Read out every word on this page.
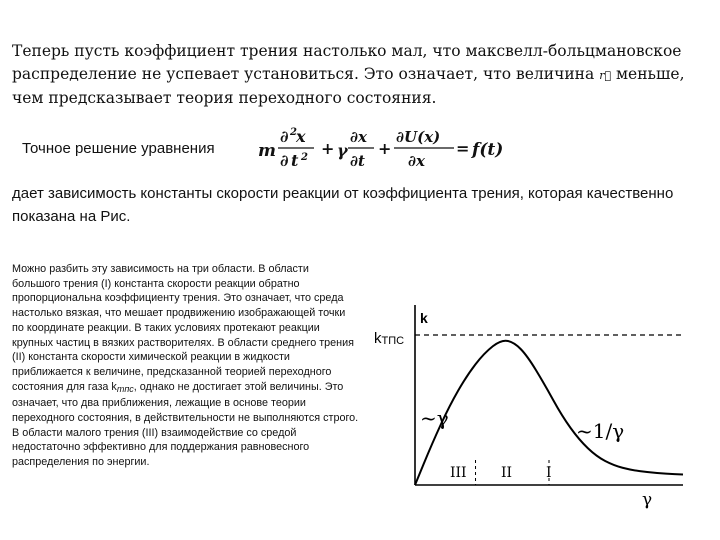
Теперь пусть коэффициент трения настолько мал, что максвелл-больцмановское распределение не успевает установиться. Это означает, что величина r⃗ меньше, чем предсказывает теория переходного состояния.
Точное решение уравнения	m
∂ 2 x
∂ t 2 + γ
∂x
∂t
+
∂U(x)
∂x
= f(t)
дает зависимость константы скорости реакции от коэффициента трения, которая качественно показана на Рис.
Можно разбить эту зависимость на три области. В области большого трения (I) константа скорости реакции обратно пропорциональна коэффициенту трения. Это означает, что среда настолько вязкая, что мешает продвижению изображающей точки по координате реакции. В таких условиях протекают реакции крупных частиц в вязких растворителях. В области среднего трения (II) константа скорости химической реакции в жидкости приближается к величине, предсказанной теорией переходного состояния для газа $k_{тпс}$, однако не достигает этой величины. Это означает, что два приближения, лежащие в основе теории переходного состояния, в действительности не выполняются строго. В области малого трения (III) взаимодействие со средой недостаточно эффективно для поддержания равновесного распределения по энергии.
k
kТПС
~γ
~1/γ
III II I
γ
